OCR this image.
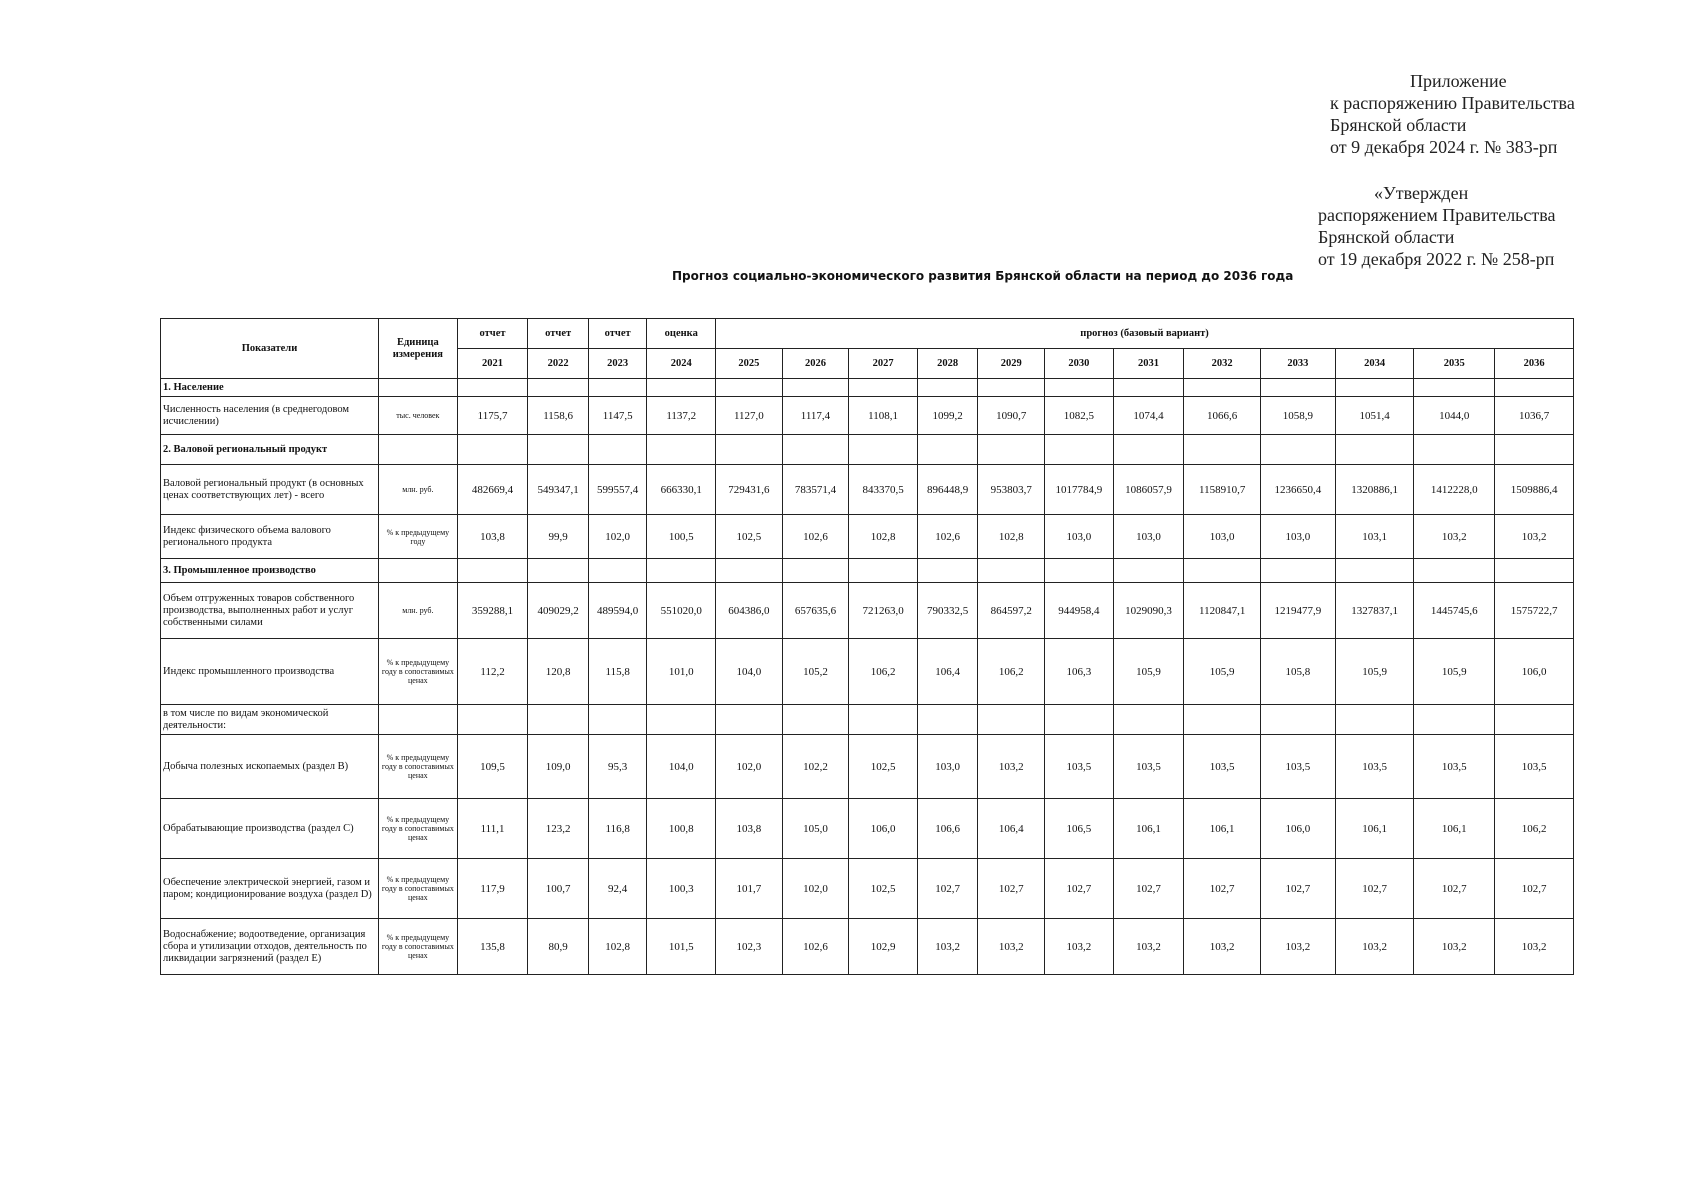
Приложение
к распоряжению Правительства
Брянской области
от 9 декабря 2024 г. № 383-рп
«Утвержден
распоряжением Правительства
Брянской области
от 19 декабря 2022 г. № 258-рп
Прогноз социально-экономического развития Брянской области на период до 2036 года
Показатели	Единица измерения	отчет	отчет	отчет	оценка	прогноз (базовый вариант)											
		2021	2022	2023	2024	2025	2026	2027	2028	2029	2030	2031	2032	2033	2034	2035	2036
1. Население																	
Численность населения (в среднегодовом исчислении)	тыс. человек	1175,7	1158,6	1147,5	1137,2	1127,0	1117,4	1108,1	1099,2	1090,7	1082,5	1074,4	1066,6	1058,9	1051,4	1044,0	1036,7
2. Валовой региональный продукт																	
Валовой региональный продукт (в основных ценах соответствующих лет) - всего	млн. руб.	482669,4	549347,1	599557,4	666330,1	729431,6	783571,4	843370,5	896448,9	953803,7	1017784,9	1086057,9	1158910,7	1236650,4	1320886,1	1412228,0	1509886,4
Индекс физического объема валового регионального продукта	% к предыдущему году	103,8	99,9	102,0	100,5	102,5	102,6	102,8	102,6	102,8	103,0	103,0	103,0	103,0	103,1	103,2	103,2
3. Промышленное производство																	
Объем отгруженных товаров собственного производства, выполненных работ и услуг собственными силами	млн. руб.	359288,1	409029,2	489594,0	551020,0	604386,0	657635,6	721263,0	790332,5	864597,2	944958,4	1029090,3	1120847,1	1219477,9	1327837,1	1445745,6	1575722,7
Индекс промышленного производства	% к предыдущему году в сопоставимых ценах	112,2	120,8	115,8	101,0	104,0	105,2	106,2	106,4	106,2	106,3	105,9	105,9	105,8	105,9	105,9	106,0
в том числе по видам экономической деятельности:																	
Добыча полезных ископаемых (раздел B)	% к предыдущему году в сопоставимых ценах	109,5	109,0	95,3	104,0	102,0	102,2	102,5	103,0	103,2	103,5	103,5	103,5	103,5	103,5	103,5	103,5
Обрабатывающие производства (раздел C)	% к предыдущему году в сопоставимых ценах	111,1	123,2	116,8	100,8	103,8	105,0	106,0	106,6	106,4	106,5	106,1	106,1	106,0	106,1	106,1	106,2
Обеспечение электрической энергией, газом и паром; кондиционирование воздуха (раздел D)	% к предыдущему году в сопоставимых ценах	117,9	100,7	92,4	100,3	101,7	102,0	102,5	102,7	102,7	102,7	102,7	102,7	102,7	102,7	102,7	102,7
Водоснабжение; водоотведение, организация сбора и утилизации отходов, деятельность по ликвидации загрязнений (раздел E)	% к предыдущему году в сопоставимых ценах	135,8	80,9	102,8	101,5	102,3	102,6	102,9	103,2	103,2	103,2	103,2	103,2	103,2	103,2	103,2	103,2
